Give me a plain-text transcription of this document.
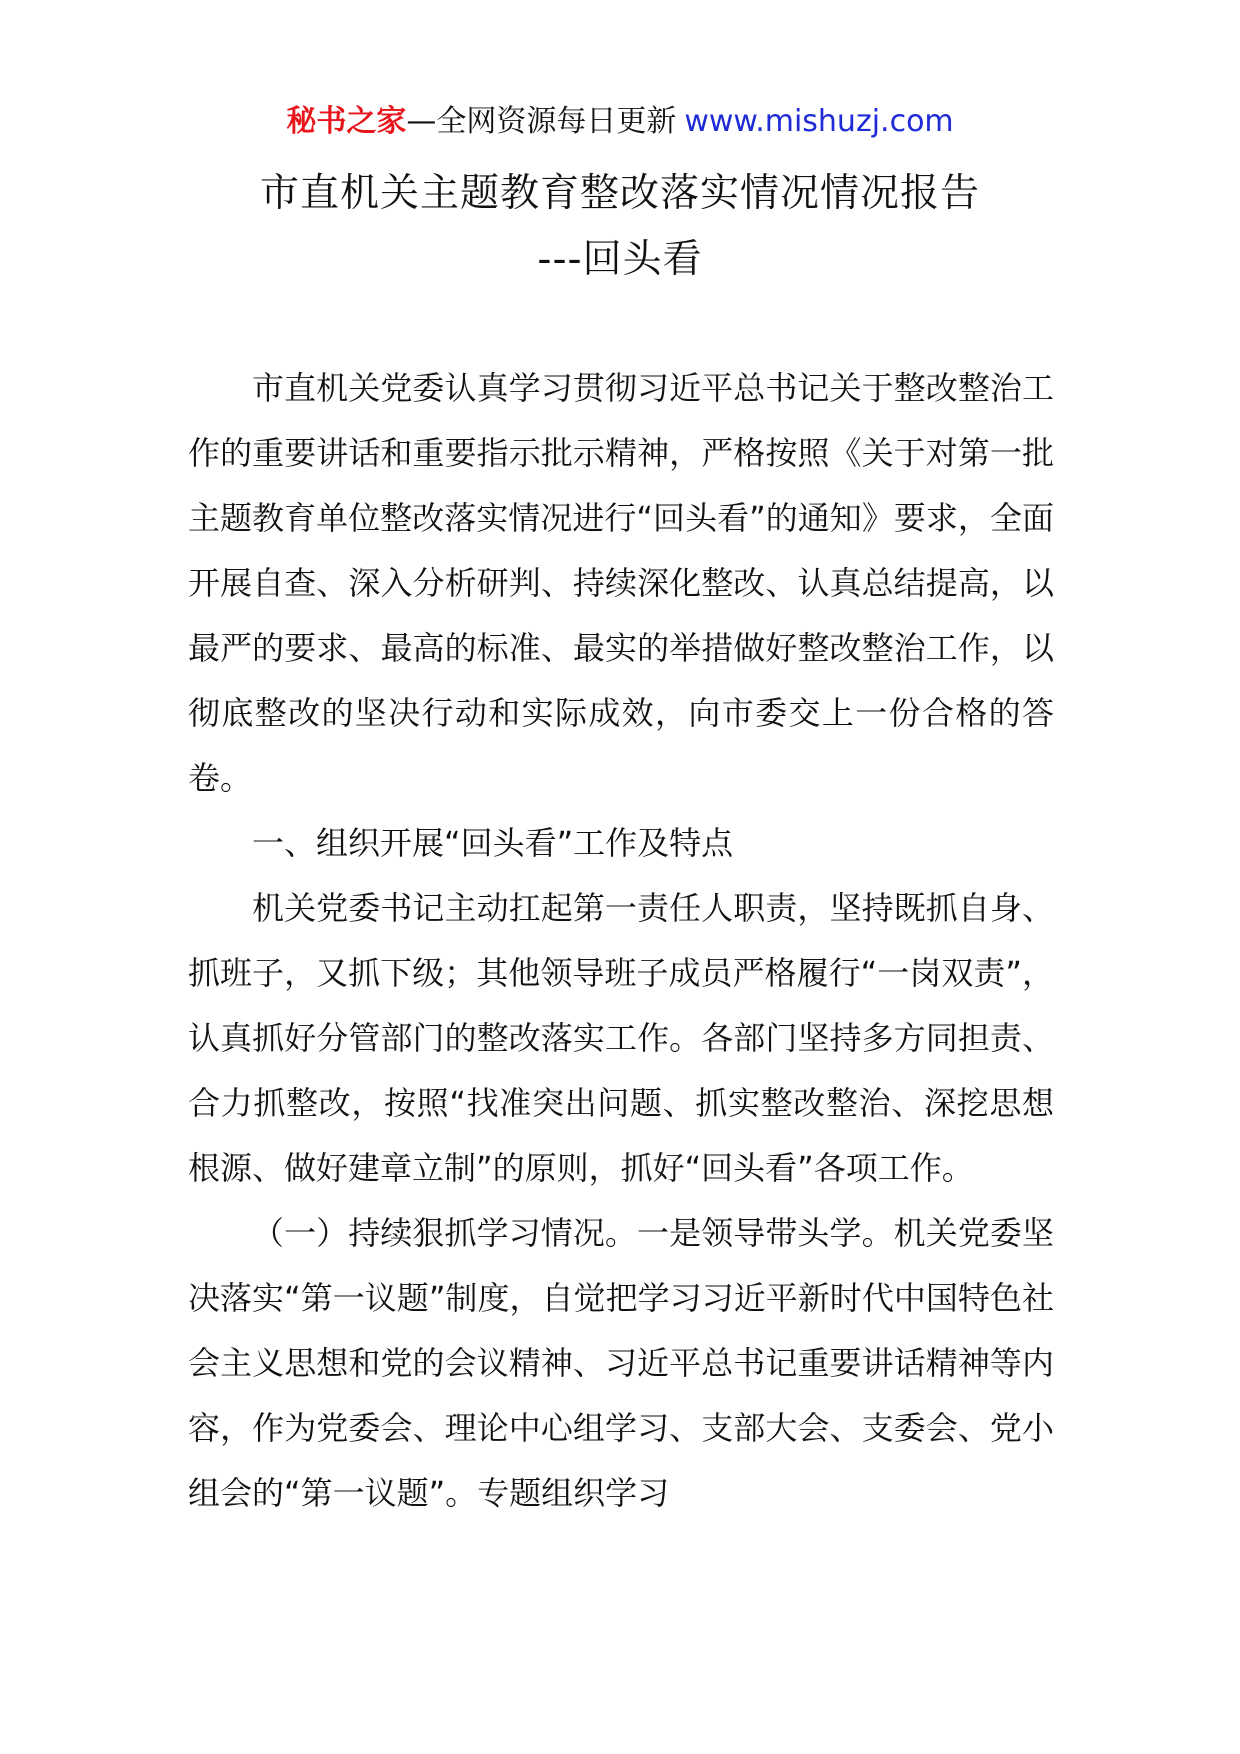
秘书之家—全网资源每日更新 www.mishuzj.com
市直机关主题教育整改落实情况情况报告
---回头看

市直机关党委认真学习贯彻习近平总书记关于整改整治工作的重要讲话和重要指示批示精神，严格按照《关于对第一批主题教育单位整改落实情况进行“回头看”的通知》要求，全面开展自查、深入分析研判、持续深化整改、认真总结提高，以最严的要求、最高的标准、最实的举措做好整改整治工作，以彻底整改的坚决行动和实际成效，向市委交上一份合格的答卷。

一、组织开展“回头看”工作及特点

机关党委书记主动扛起第一责任人职责，坚持既抓自身、抓班子，又抓下级；其他领导班子成员严格履行“一岗双责”，认真抓好分管部门的整改落实工作。各部门坚持多方同担责、合力抓整改，按照“找准突出问题、抓实整改整治、深挖思想根源、做好建章立制”的原则，抓好“回头看”各项工作。

（一）持续狠抓学习情况。一是领导带头学。机关党委坚决落实“第一议题”制度，自觉把学习习近平新时代中国特色社会主义思想和党的会议精神、习近平总书记重要讲话精神等内容，作为党委会、理论中心组学习、支部大会、支委会、党小组会的“第一议题”。专题组织学习
